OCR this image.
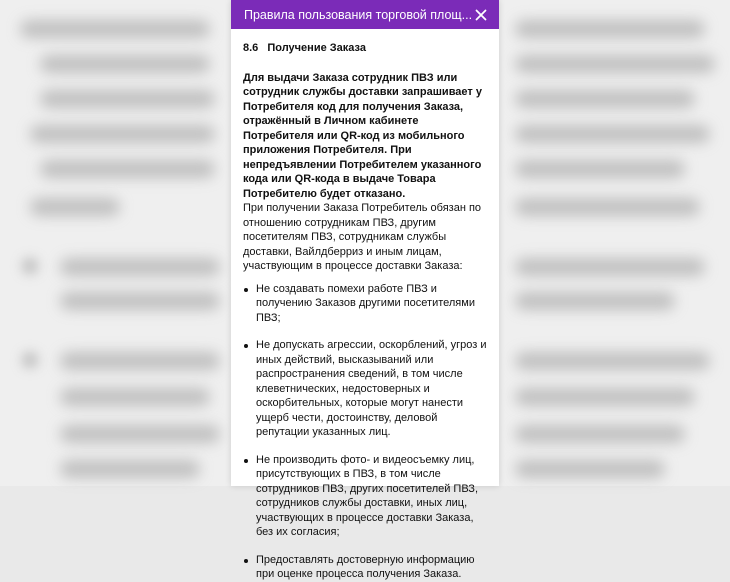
Правила пользования торговой площ...
8.6 Получение Заказа

Для выдачи Заказа сотрудник ПВЗ или сотрудник службы доставки запрашивает у Потребителя код для получения Заказа, отражённый в Личном кабинете Потребителя или QR-код из мобильного приложения Потребителя. При непредъявлении Потребителем указанного кода или QR-кода в выдаче Товара Потребителю будет отказано.

При получении Заказа Потребитель обязан по отношению сотрудникам ПВЗ, другим посетителям ПВЗ, сотрудникам службы доставки, Вайлдберриз и иным лицам, участвующим в процессе доставки Заказа:

Не создавать помехи работе ПВЗ и получению Заказов другими посетителями ПВЗ;
Не допускать агрессии, оскорблений, угроз и иных действий, высказываний или распространения сведений, в том числе клеветнических, недостоверных и оскорбительных, которые могут нанести ущерб чести, достоинству, деловой репутации указанных лиц.
Не производить фото- и видеосъемку лиц, присутствующих в ПВЗ, в том числе сотрудников ПВЗ, других посетителей ПВЗ, сотрудников службы доставки, иных лиц, участвующих в процессе доставки Заказа, без их согласия;
Предоставлять достоверную информацию при оценке процесса получения Заказа.
